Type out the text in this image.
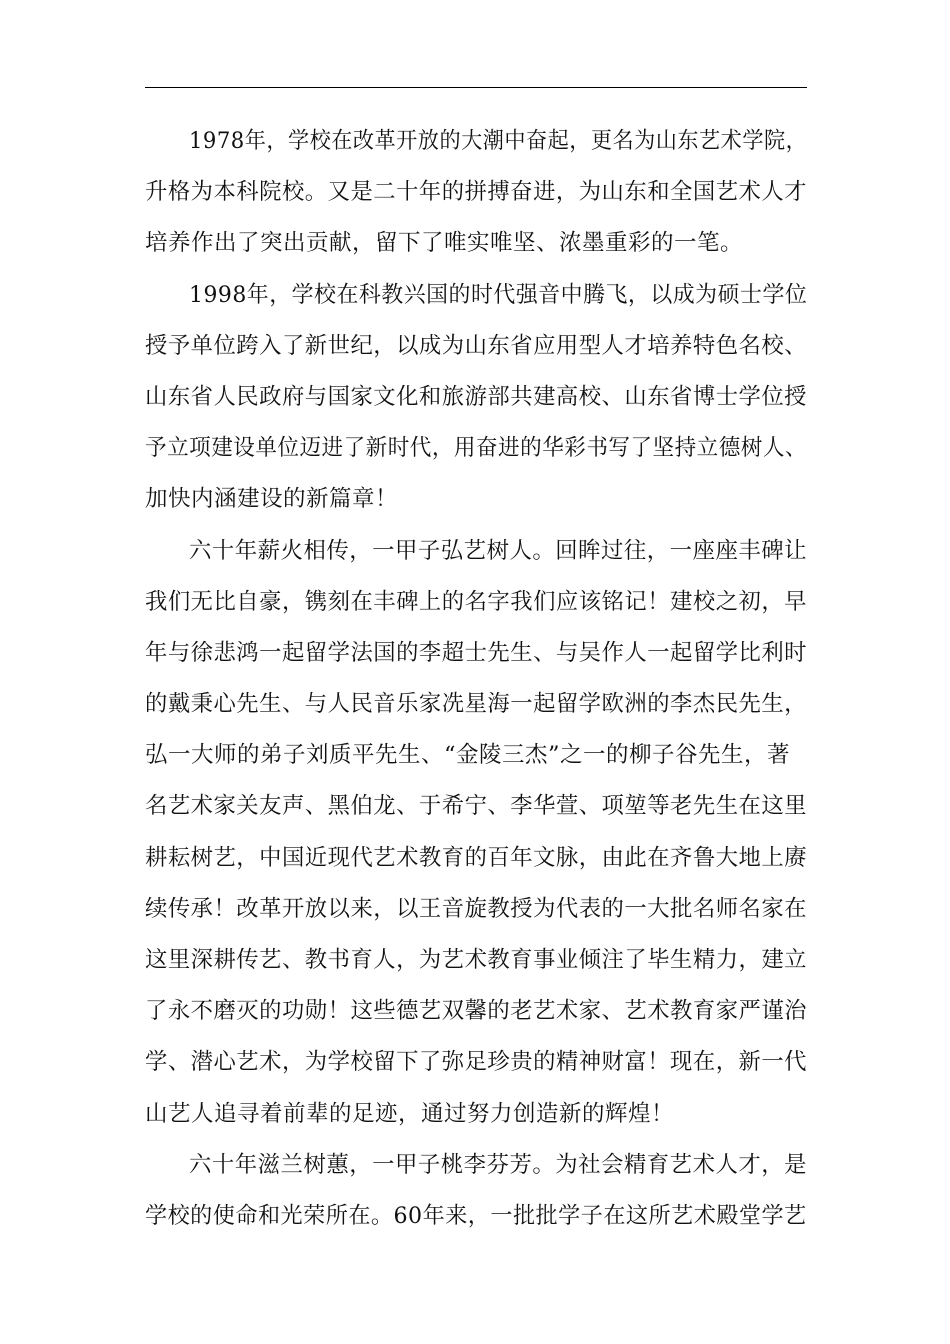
1978年，学校在改革开放的大潮中奋起，更名为山东艺术学院，
升格为本科院校。又是二十年的拼搏奋进，为山东和全国艺术人才
培养作出了突出贡献，留下了唯实唯坚、浓墨重彩的一笔。
1998年，学校在科教兴国的时代强音中腾飞，以成为硕士学位
授予单位跨入了新世纪，以成为山东省应用型人才培养特色名校、
山东省人民政府与国家文化和旅游部共建高校、山东省博士学位授
予立项建设单位迈进了新时代，用奋进的华彩书写了坚持立德树人、
加快内涵建设的新篇章！
六十年薪火相传，一甲子弘艺树人。回眸过往，一座座丰碑让
我们无比自豪，镌刻在丰碑上的名字我们应该铭记！建校之初，早
年与徐悲鸿一起留学法国的李超士先生、与吴作人一起留学比利时
的戴秉心先生、与人民音乐家冼星海一起留学欧洲的李杰民先生，
弘一大师的弟子刘质平先生、“金陵三杰”之一的柳子谷先生，著
名艺术家关友声、黑伯龙、于希宁、李华萱、项堃等老先生在这里
耕耘树艺，中国近现代艺术教育的百年文脉，由此在齐鲁大地上赓
续传承！改革开放以来，以王音旋教授为代表的一大批名师名家在
这里深耕传艺、教书育人，为艺术教育事业倾注了毕生精力，建立
了永不磨灭的功勋！这些德艺双馨的老艺术家、艺术教育家严谨治
学、潜心艺术，为学校留下了弥足珍贵的精神财富！现在，新一代
山艺人追寻着前辈的足迹，通过努力创造新的辉煌！
六十年滋兰树蕙，一甲子桃李芬芳。为社会精育艺术人才，是
学校的使命和光荣所在。60年来，一批批学子在这所艺术殿堂学艺
